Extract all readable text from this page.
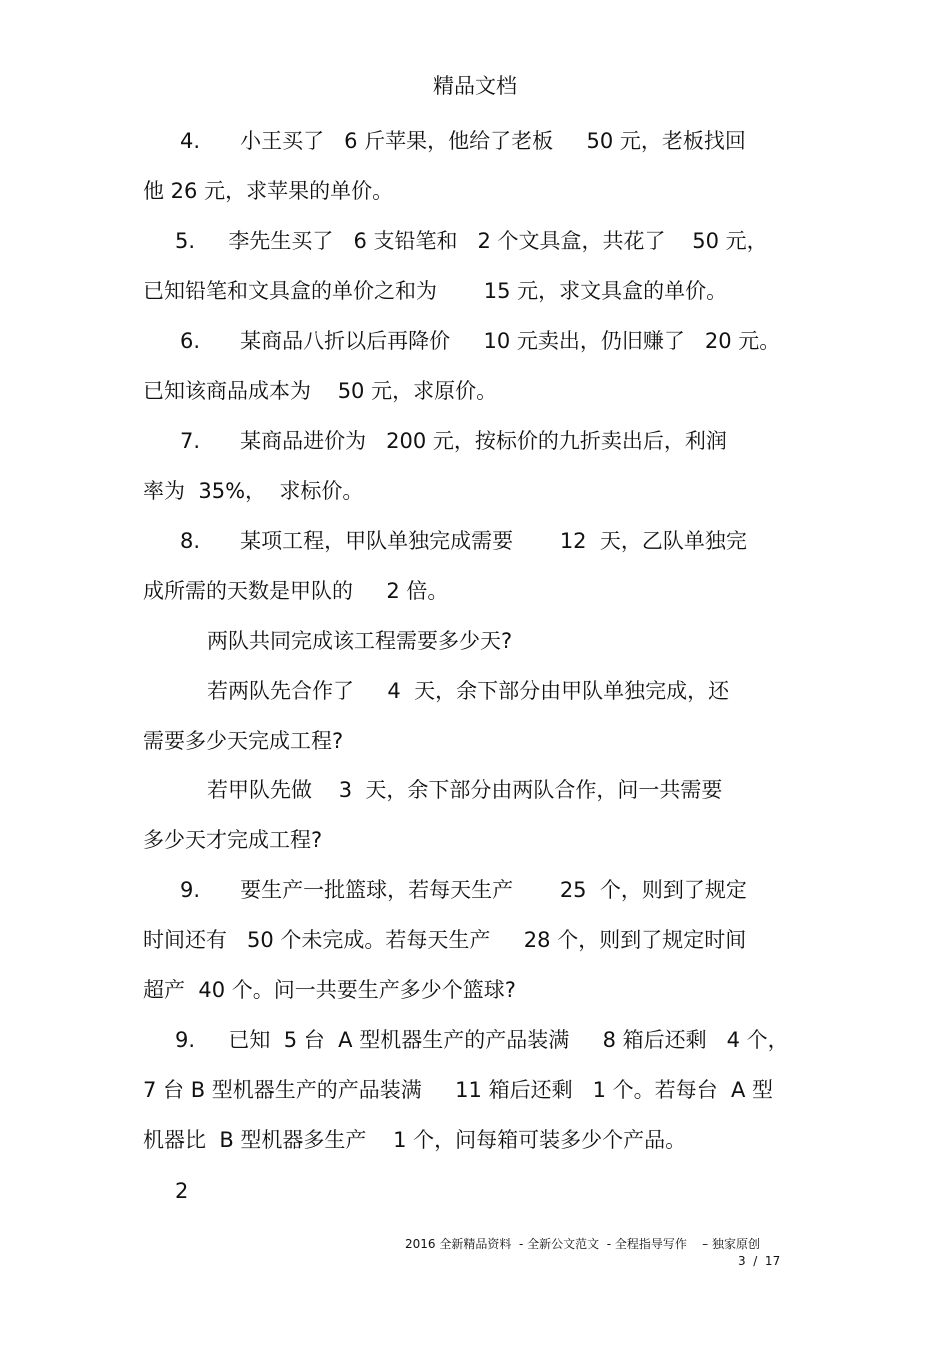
精品文档
4.      小王买了   6 斤苹果，他给了老板     50 元，老板找回
他 26 元，求苹果的单价。
5.     李先生买了   6 支铅笔和   2 个文具盒，共花了    50 元，
已知铅笔和文具盒的单价之和为       15 元，求文具盒的单价。
6.      某商品八折以后再降价     10 元卖出，仍旧赚了   20 元。
已知该商品成本为    50 元，求原价。
7.      某商品进价为   200 元，按标价的九折卖出后，利润
率为  35%，  求标价。
8.      某项工程，甲队单独完成需要       12  天，乙队单独完
成所需的天数是甲队的     2 倍。
两队共同完成该工程需要多少天?
若两队先合作了     4  天，余下部分由甲队单独完成，还
需要多少天完成工程?
若甲队先做    3  天，余下部分由两队合作，问一共需要
多少天才完成工程?
9.      要生产一批篮球，若每天生产       25  个，则到了规定
时间还有   50 个未完成。若每天生产     28 个，则到了规定时间
超产  40 个。问一共要生产多少个篮球?
9.     已知  5 台  A 型机器生产的产品装满     8 箱后还剩   4 个，
7 台 B 型机器生产的产品装满     11 箱后还剩   1 个。若每台  A 型
机器比  B 型机器多生产    1 个，问每箱可装多少个产品。
2
2016 全新精品资料  - 全新公文范文  - 全程指导写作    – 独家原创
3  /  17
